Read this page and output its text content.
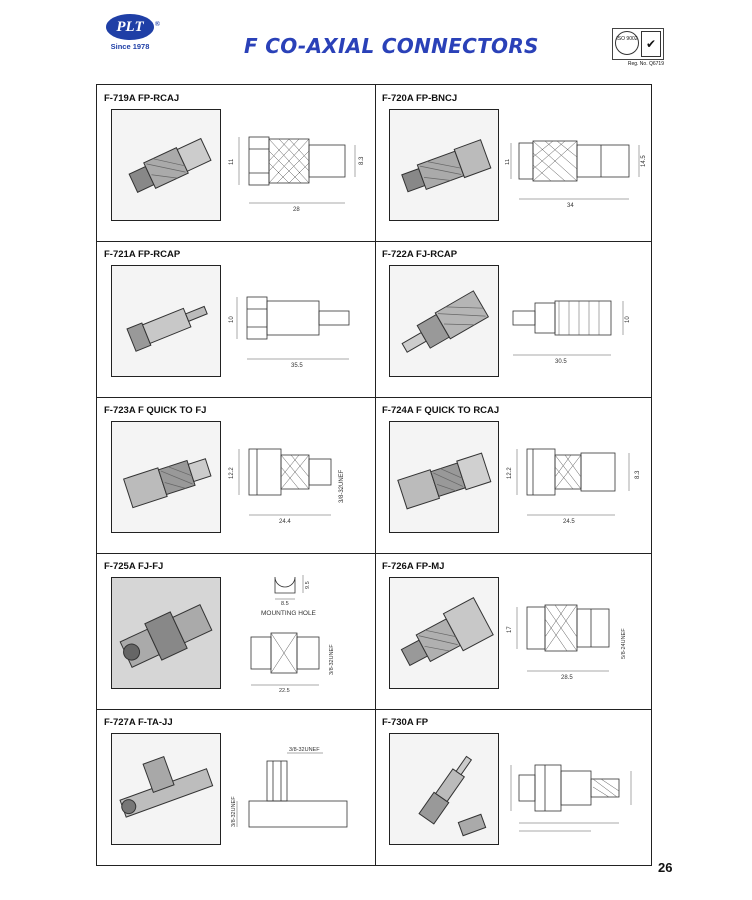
PLT ®
Since 1978	F CO-AXIAL CONNECTORS	ISO 9002 ✔
Reg. No. Q6719
F-719A FP-RCAJ
11
28
8.3
F-720A FP-BNCJ
11
34
14.5
F-721A FP-RCAP
10
35.5
F-722A FJ-RCAP
10
30.5
F-723A F QUICK TO FJ
12.2
24.4
3/8-32UNEF
F-724A F QUICK TO RCAJ
12.2
24.5
8.3
F-725A FJ-FJ
8.5
9.5
MOUNTING HOLE
22.5
3/8-32UNEF
F-726A FP-MJ
17
28.5
5/8-24UNEF
F-727A F-TA-JJ
3/8-32UNEF
3/8-32UNEF
F-730A FP
26
